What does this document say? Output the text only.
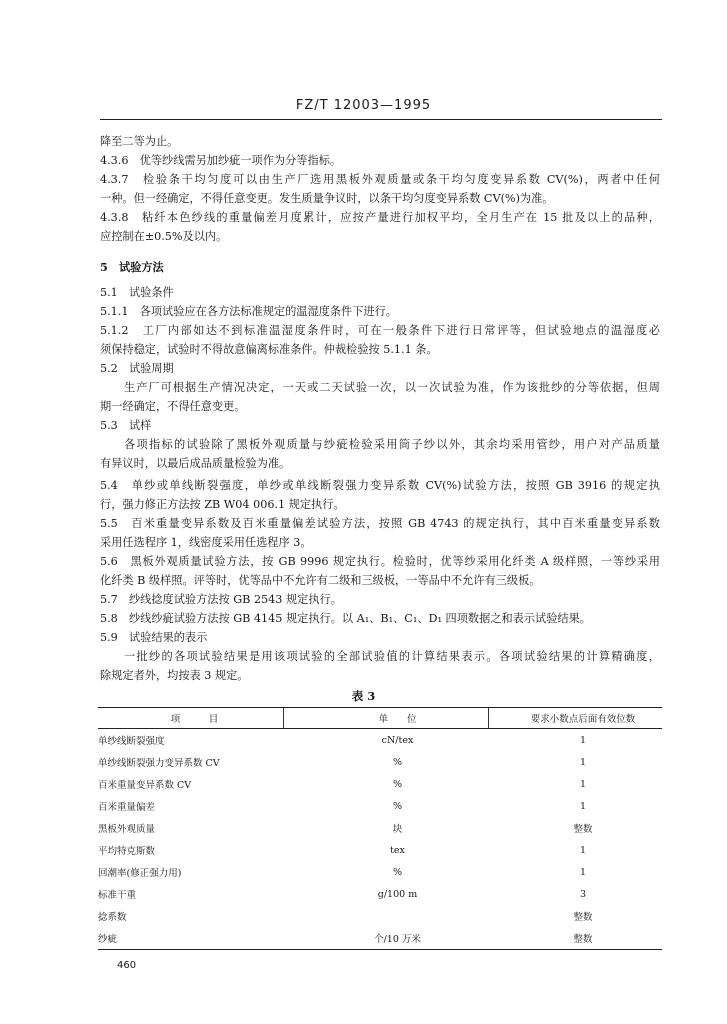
FZ/T 12003—1995
降至二等为止。
4.3.6　优等纱线需另加纱疵一项作为分等指标。
4.3.7　检验条干均匀度可以由生产厂选用黑板外观质量或条干均匀度变异系数 CV(%)，两者中任何
一种。但一经确定，不得任意变更。发生质量争议时，以条干均匀度变异系数 CV(%)为准。
4.3.8　粘纤本色纱线的重量偏差月度累计，应按产量进行加权平均，全月生产在 15 批及以上的品种，
应控制在±0.5%及以内。
5　试验方法
5.1　试验条件
5.1.1　各项试验应在各方法标准规定的温湿度条件下进行。
5.1.2　工厂内部如达不到标准温湿度条件时，可在一般条件下进行日常评等，但试验地点的温湿度必
须保持稳定，试验时不得故意偏离标准条件。仲裁检验按 5.1.1 条。
5.2　试验周期
生产厂可根据生产情况决定，一天或二天试验一次，以一次试验为准，作为该批纱的分等依据，但周
期一经确定，不得任意变更。
5.3　试样
各项指标的试验除了黑板外观质量与纱疵检验采用筒子纱以外，其余均采用管纱，用户对产品质量
有异议时，以最后成品质量检验为准。
5.4　单纱或单线断裂强度，单纱或单线断裂强力变异系数 CV(%)试验方法，按照 GB 3916 的规定执
行，强力修正方法按 ZB W04 006.1 规定执行。
5.5　百米重量变异系数及百米重量偏差试验方法，按照 GB 4743 的规定执行，其中百米重量变异系数
采用任选程序 1，线密度采用任选程序 3。
5.6　黑板外观质量试验方法，按 GB 9996 规定执行。检验时，优等纱采用化纤类 A 级样照，一等纱采用
化纤类 B 级样照。评等时，优等品中不允许有二级和三级板，一等品中不允许有三级板。
5.7　纱线捻度试验方法按 GB 2543 规定执行。
5.8　纱线纱疵试验方法按 GB 4145 规定执行。以 A₁、B₁、C₁、D₁ 四项数据之和表示试验结果。
5.9　试验结果的表示
一批纱的各项试验结果是用该项试验的全部试验值的计算结果表示。各项试验结果的计算精确度，
除规定者外，均按表 3 规定。
表 3
项　　　目	单　　位	要求小数点后面有效位数
单纱线断裂强度	cN/tex	1
单纱线断裂强力变异系数 CV	%	1
百米重量变异系数 CV	%	1
百米重量偏差	%	1
黑板外观质量	块	整数
平均特克斯数	tex	1
回潮率(修正强力用)	%	1
标准干重	g/100 m	3
捻系数		整数
纱疵	个/10 万米	整数
460
